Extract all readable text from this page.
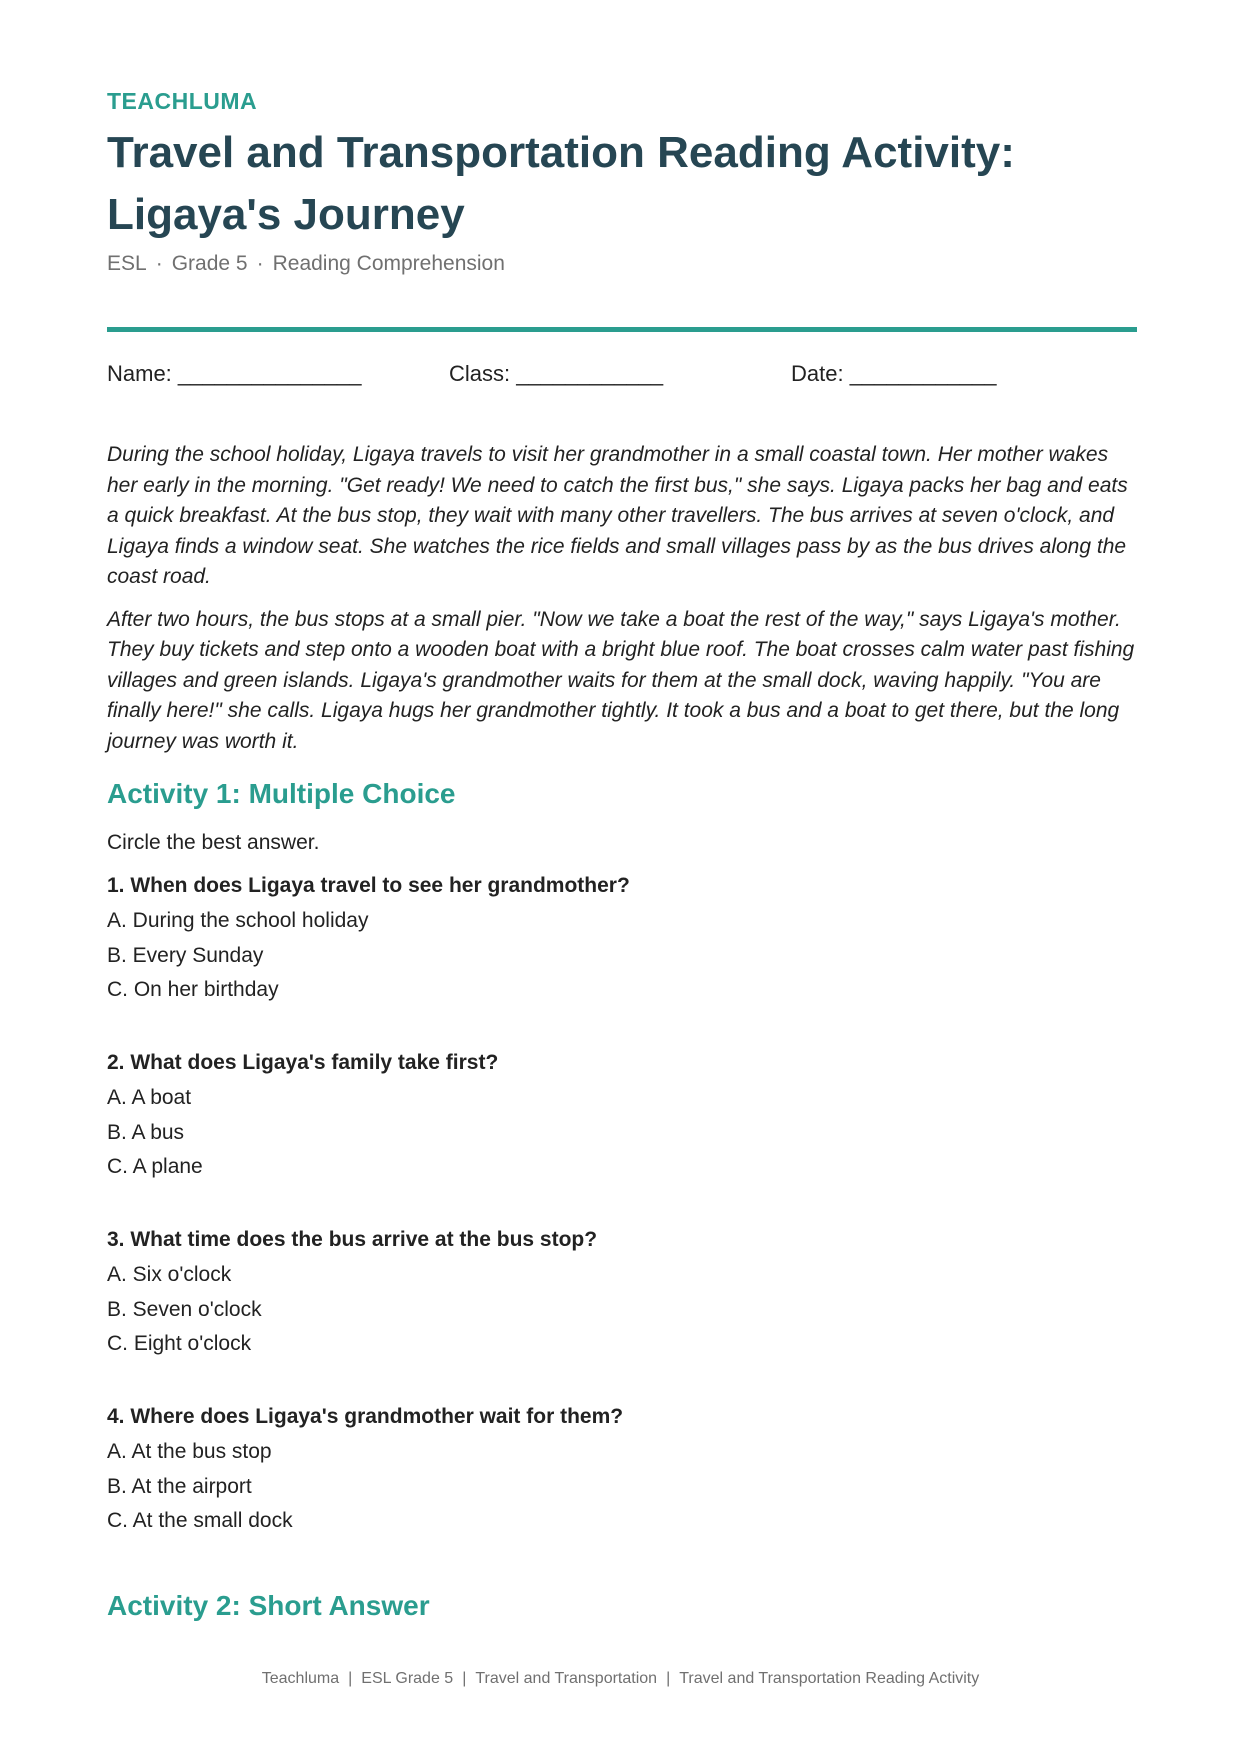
TEACHLUMA
Travel and Transportation Reading Activity: Ligaya's Journey
ESL · Grade 5 · Reading Comprehension
Name: _______________	Class: ____________	Date: ____________

During the school holiday, Ligaya travels to visit her grandmother in a small coastal town. Her mother wakes her early in the morning. "Get ready! We need to catch the first bus," she says. Ligaya packs her bag and eats a quick breakfast. At the bus stop, they wait with many other travellers. The bus arrives at seven o'clock, and Ligaya finds a window seat. She watches the rice fields and small villages pass by as the bus drives along the coast road.

After two hours, the bus stops at a small pier. "Now we take a boat the rest of the way," says Ligaya's mother. They buy tickets and step onto a wooden boat with a bright blue roof. The boat crosses calm water past fishing villages and green islands. Ligaya's grandmother waits for them at the small dock, waving happily. "You are finally here!" she calls. Ligaya hugs her grandmother tightly. It took a bus and a boat to get there, but the long journey was worth it.

Activity 1: Multiple Choice
Circle the best answer.
1. When does Ligaya travel to see her grandmother?
A. During the school holiday
B. Every Sunday
C. On her birthday
2. What does Ligaya's family take first?
A. A boat
B. A bus
C. A plane
3. What time does the bus arrive at the bus stop?
A. Six o'clock
B. Seven o'clock
C. Eight o'clock
4. Where does Ligaya's grandmother wait for them?
A. At the bus stop
B. At the airport
C. At the small dock
Activity 2: Short Answer
Teachluma | ESL Grade 5 | Travel and Transportation | Travel and Transportation Reading Activity
